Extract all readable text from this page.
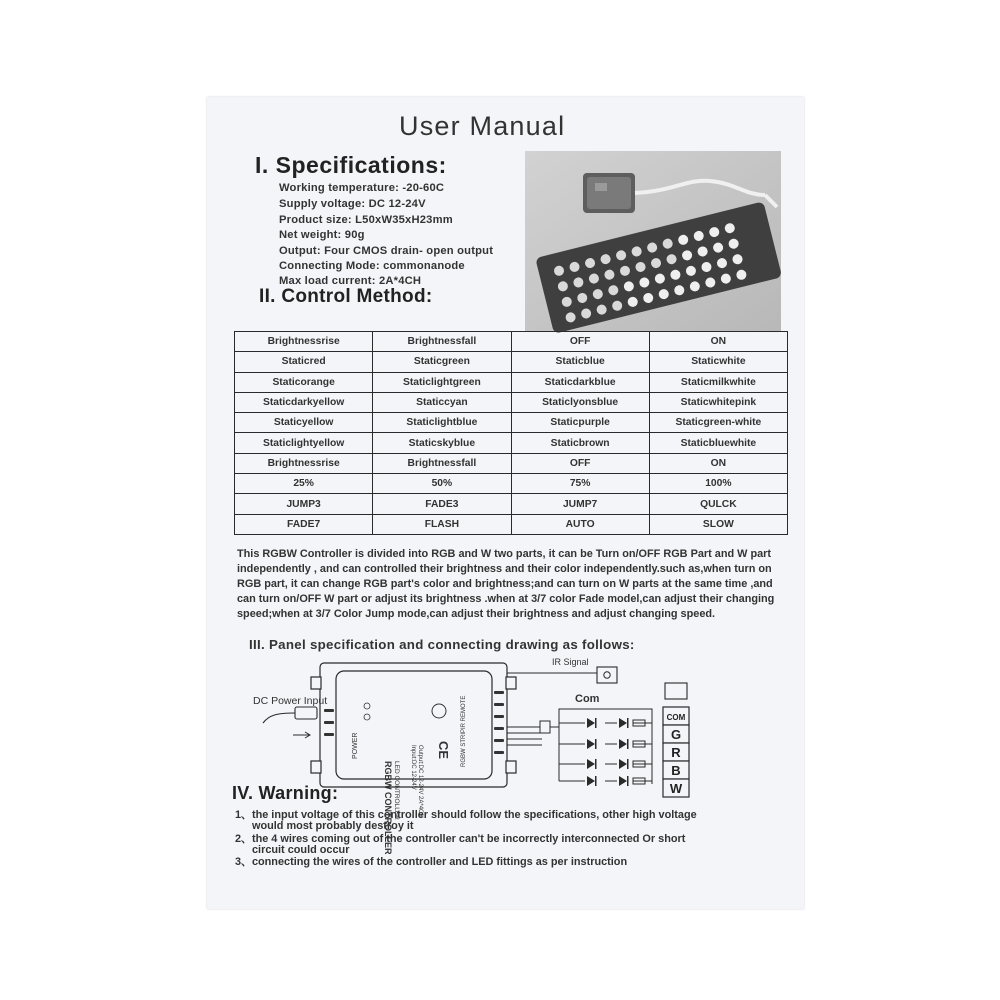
User Manual
I. Specifications:
Working temperature: -20-60C
Supply voltage: DC 12-24V
Product size: L50xW35xH23mm
Net weight: 90g
Output: Four CMOS drain- open output
Connecting Mode: commonanode
Max load current: 2A*4CH
II. Control Method:
Brightnessrise	Brightnessfall	OFF	ON
Staticred	Staticgreen	Staticblue	Staticwhite
Staticorange	Staticlightgreen	Staticdarkblue	Staticmilkwhite
Staticdarkyellow	Staticcyan	Staticlyonsblue	Staticwhitepink
Staticyellow	Staticlightblue	Staticpurple	Staticgreen-white
Staticlightyellow	Staticskyblue	Staticbrown	Staticbluewhite
Brightnessrise	Brightnessfall	OFF	ON
25%	50%	75%	100%
JUMP3	FADE3	JUMP7	QULCK
FADE7	FLASH	AUTO	SLOW
This RGBW Controller is divided into RGB and W two parts, it can be Turn on/OFF RGB Part and W part independently , and can controlled their brightness and their color independently.such as,when turn on RGB part, it can change RGB part's color and brightness;and can turn on W parts at the same time ,and can turn on/OFF W part or adjust its brightness .when at 3/7 color Fade model,can adjust their changing speed;when at 3/7 Color Jump mode,can adjust their brightness and adjust changing speed.
III. Panel specification and connecting drawing as follows:
POWER
RGBW CONTROLLER LED CONTROLLER Input:DC 12-24V Output:DC 12-24V 2A*4CH	RGBW STRIP
IR REMOTE
CE
DC Power Input
IR Signal
Com
COM
G
R
B
W
IV. Warning:
1、the input voltage of this controller should follow the specifications, other high voltage
would most probably destroy it
2、the 4 wires coming out of the controller can't be incorrectly interconnected Or short
circuit could occur
3、connecting the wires of the controller and LED fittings as per instruction
